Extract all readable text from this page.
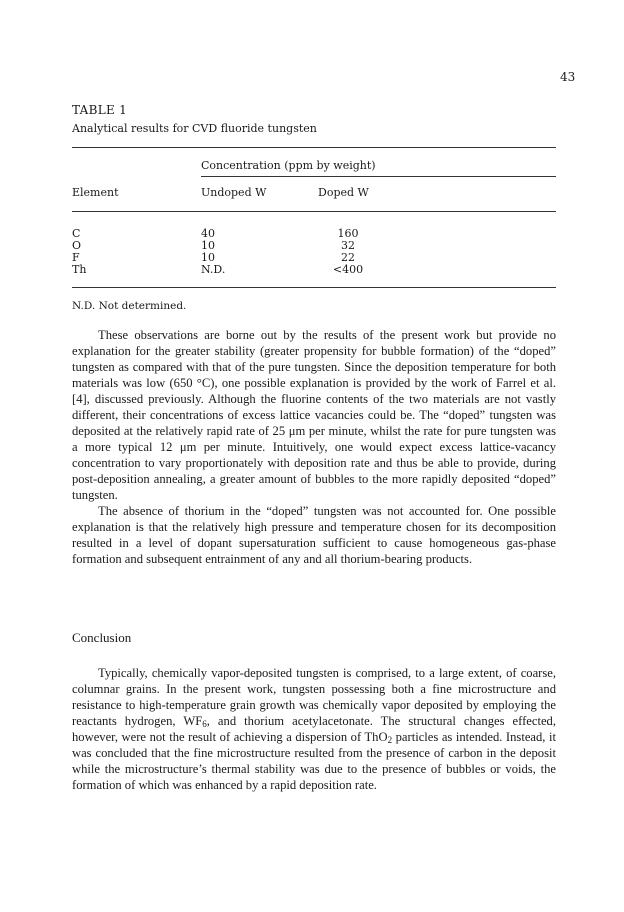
43
TABLE 1
Analytical results for CVD fluoride tungsten
Concentration (ppm by weight)
Element	Undoped W	Doped W
C	40	160
O	10	32
F	10	22
Th	N.D.	<400
N.D. Not determined.

These observations are borne out by the results of the present work but provide no explanation for the greater stability (greater propensity for bubble formation) of the “doped” tungsten as compared with that of the pure tungsten. Since the deposition temperature for both materials was low (650 °C), one possible explanation is provided by the work of Farrel et al. [4], discussed previously. Although the fluorine contents of the two materials are not vastly different, their concentrations of excess lattice vacancies could be. The “doped” tungsten was deposited at the relatively rapid rate of 25 μm per minute, whilst the rate for pure tungsten was a more typical 12 μm per minute. Intuitively, one would expect excess lattice-vacancy concentration to vary proportionately with deposition rate and thus be able to provide, during post-deposition annealing, a greater amount of bubbles to the more rapidly deposited “doped” tungsten.

The absence of thorium in the “doped” tungsten was not accounted for. One possible explanation is that the relatively high pressure and temperature chosen for its decomposition resulted in a level of dopant supersaturation sufficient to cause homogeneous gas-phase formation and subsequent entrainment of any and all thorium-bearing products.

Conclusion

Typically, chemically vapor-deposited tungsten is comprised, to a large extent, of coarse, columnar grains. In the present work, tungsten possessing both a fine microstructure and resistance to high-temperature grain growth was chemically vapor deposited by employing the reactants hydrogen, $WF_6$, and thorium acetylacetonate. The structural changes effected, however, were not the result of achieving a dispersion of ThO$_2$ particles as intended. Instead, it was concluded that the fine microstructure resulted from the presence of carbon in the deposit while the microstructure’s thermal stability was due to the presence of bubbles or voids, the formation of which was enhanced by a rapid deposition rate.
